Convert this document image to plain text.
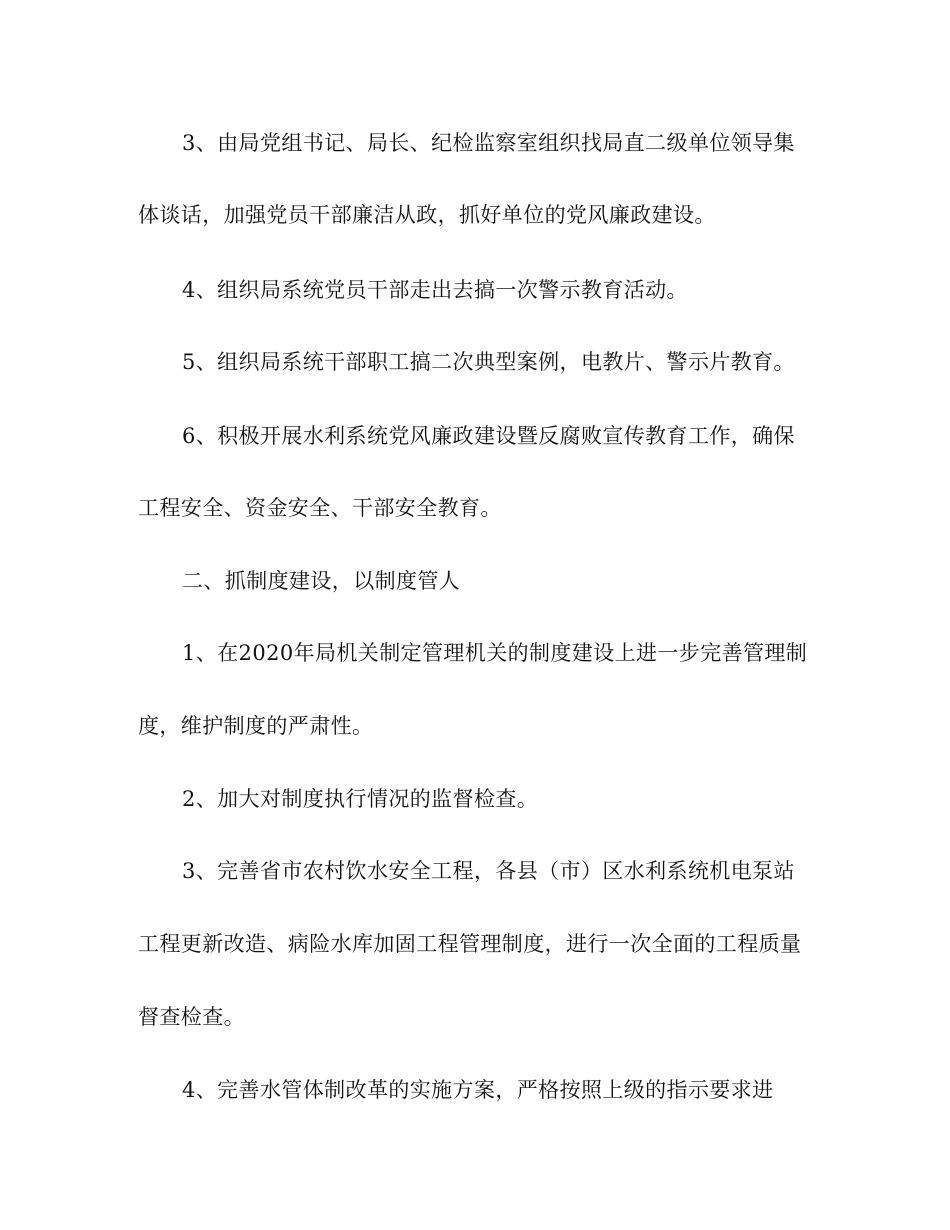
3、由局党组书记、局长、纪检监察室组织找局直二级单位领导集
体谈话，加强党员干部廉洁从政，抓好单位的党风廉政建设。
4、组织局系统党员干部走出去搞一次警示教育活动。
5、组织局系统干部职工搞二次典型案例，电教片、警示片教育。
6、积极开展水利系统党风廉政建设暨反腐败宣传教育工作，确保
工程安全、资金安全、干部安全教育。
二、抓制度建设，以制度管人
1、在2020年局机关制定管理机关的制度建设上进一步完善管理制
度，维护制度的严肃性。
2、加大对制度执行情况的监督检查。
3、完善省市农村饮水安全工程，各县（市）区水利系统机电泵站
工程更新改造、病险水库加固工程管理制度，进行一次全面的工程质量
督查检查。
4、完善水管体制改革的实施方案，严格按照上级的指示要求进
